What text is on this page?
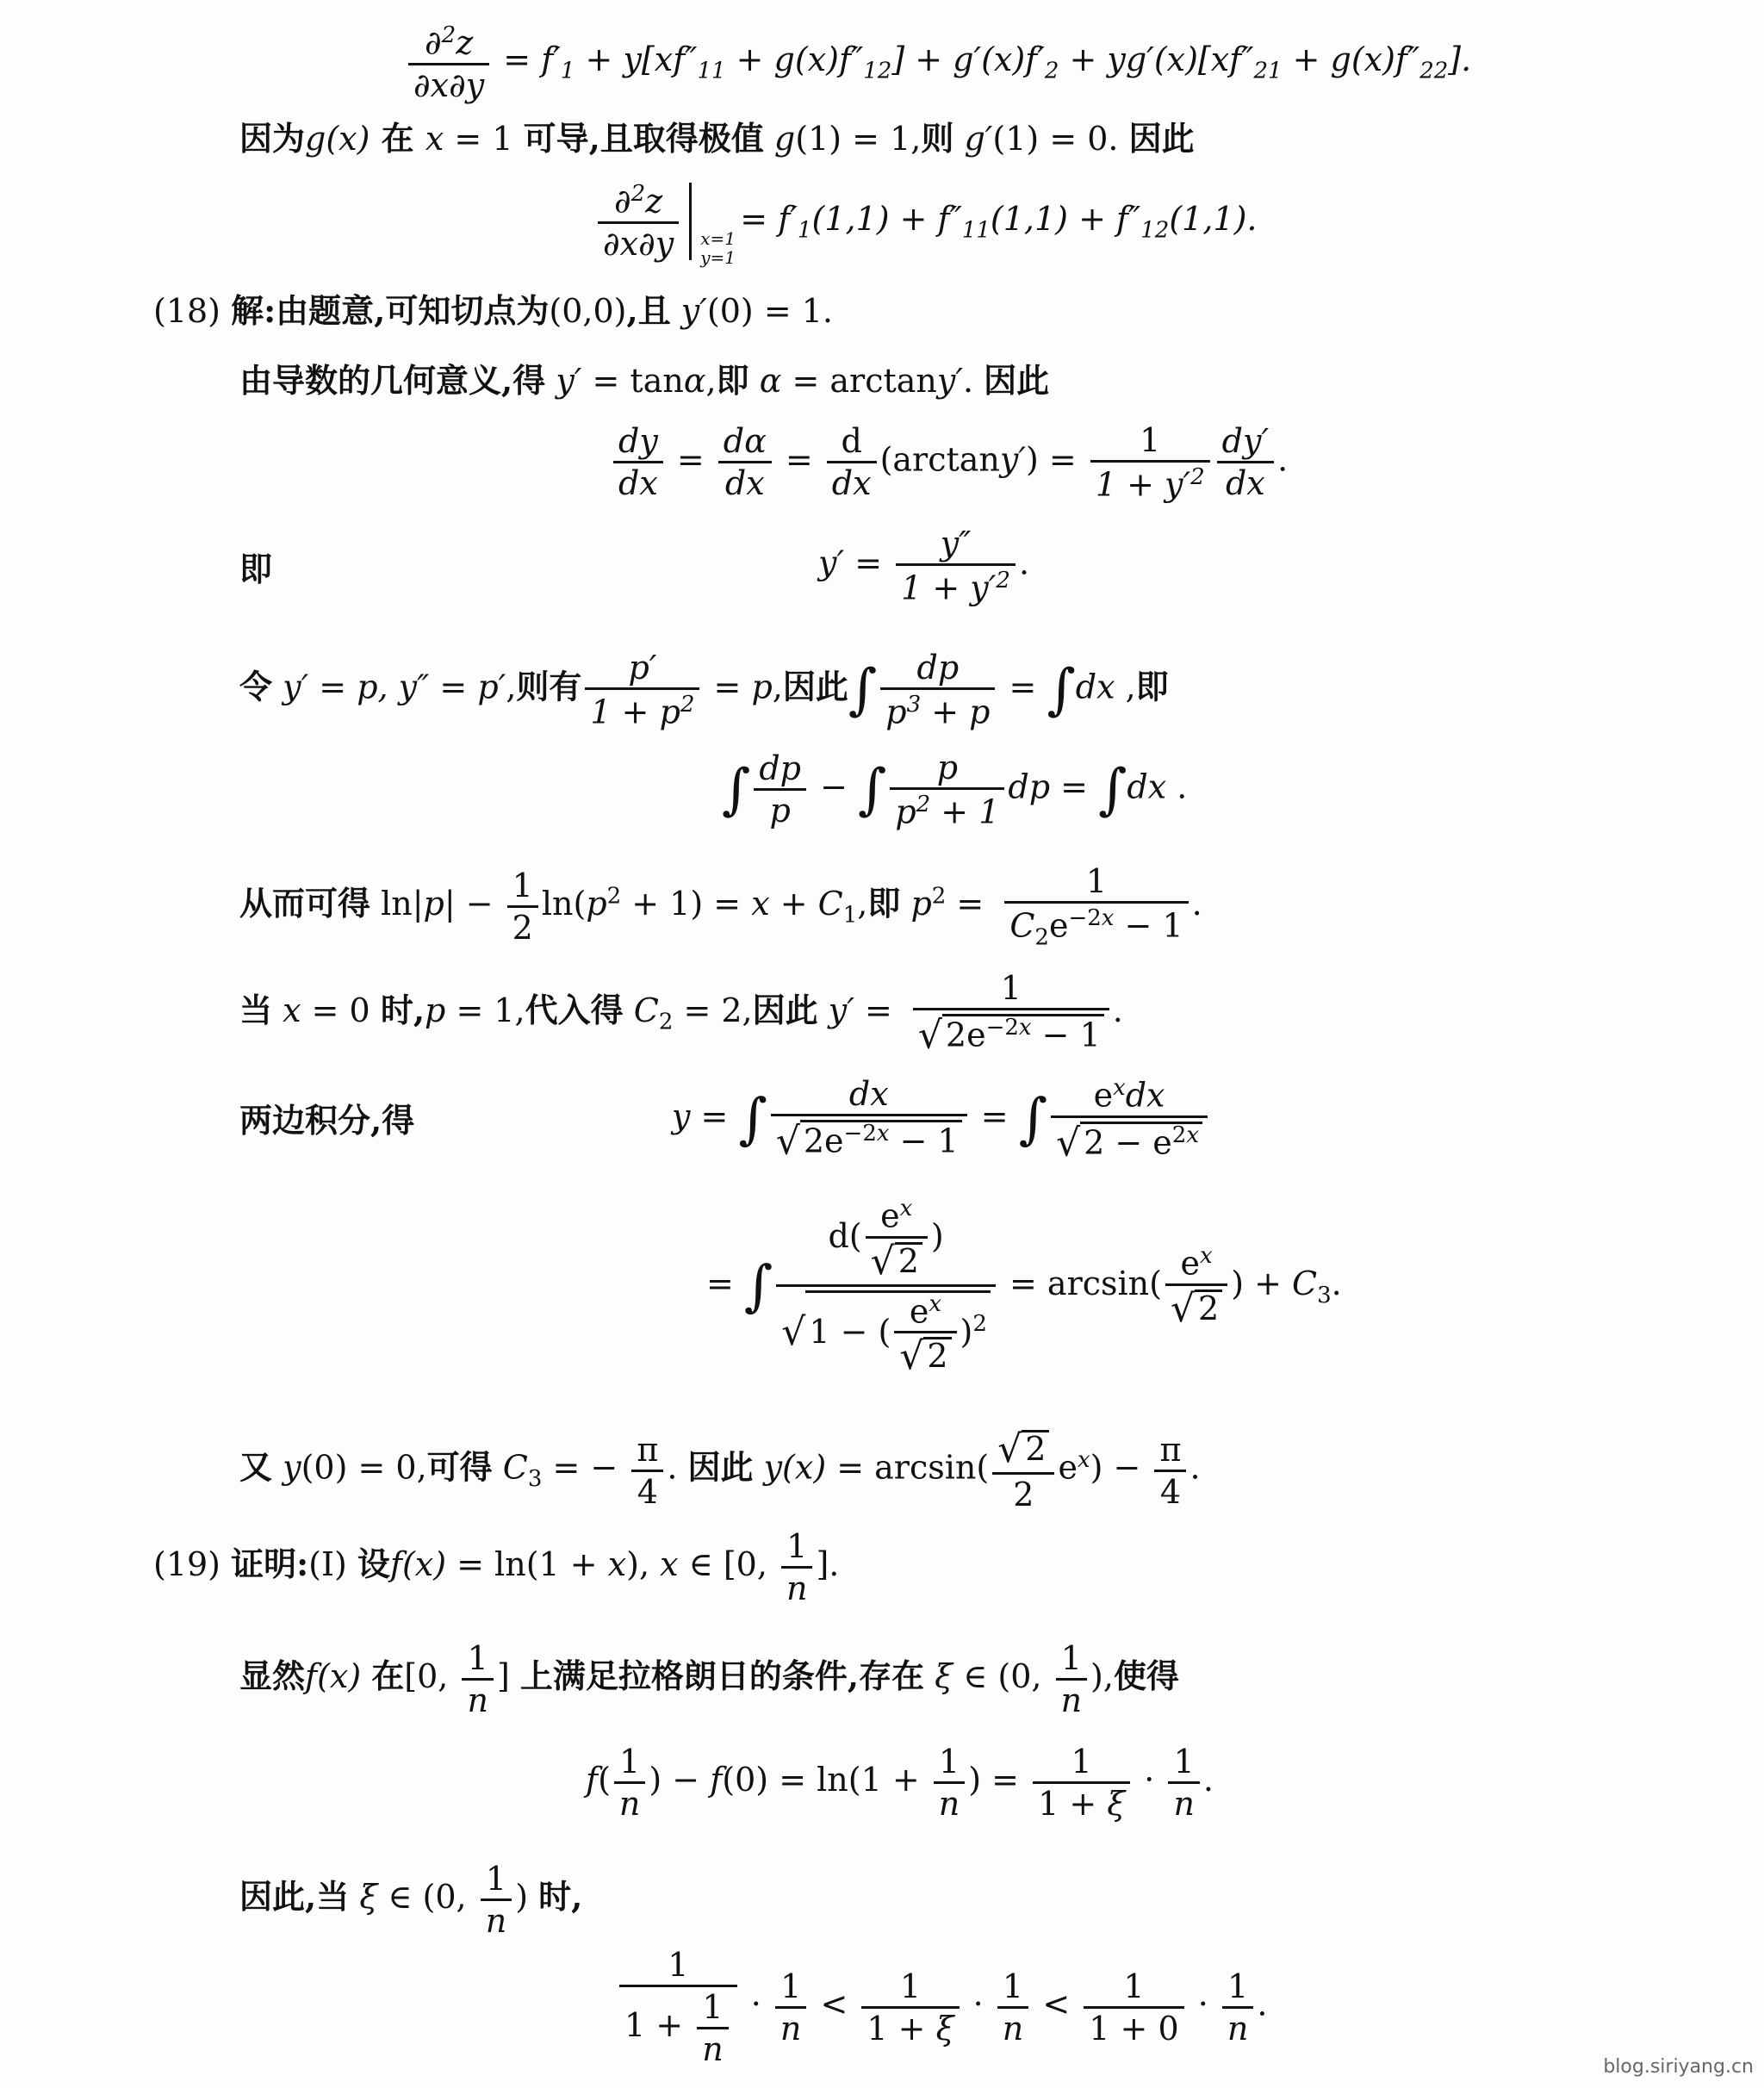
$\frac{\partial^2z}{\partial x\partial y} = f'_1 + y[xf''_{11} + g(x)f''_{12}] + g'(x)f'_2 + yg'(x)[xf''_{21} + g(x)f''_{22}]$.
因为g(x) 在 x = 1 可导,且取得极值 g(1) = 1,则 g′(1) = 0. 因此
$\frac{\partial^2z}{\partial x\partial y} x=1$
y=1
= $f'_1(1,1) + f''_{11}(1,1) + f''_{12}(1,1)$.
(18) 解:由题意,可知切点为(0,0),且 y′(0) = 1.
由导数的几何意义,得 y′ = tanα,即 α = arctany′. 因此
$\frac{dy}{dx} = \frac{d\alpha}{dx} = \frac{d}{dx} (\arctan y') = \frac{1}{1 + y'^2} \frac{dy'}{dx}$ .
即	$y' = \frac{y''}{1 + y'^2}$ .
令 y′ = p, y″ = p′,则有 $\frac{p'}{1 + p^2} = p$,因此∫ $\frac{dp}{p^3 + p} = \int dx$ ,即
∫ $\frac{dp}{p}$ − ∫ $\frac{p}{p^2 + 1}$ dp = ∫dx .
从而可得 $\ln|p| - \frac{1}{2} \ln(p^2 + 1) = x + C_1$,即 $p^2 = \frac{1}{C_2e^{-2x} - 1}$ .
当 x = 0 时,p = 1,代入得 $C_2 = 2$,因此 $y' = \frac{1}{√ 2e^{-2x} - 1}$ .
两边积分,得	y = ∫ $\frac{dx}{√ 2e^{-2x} - 1}$ = ∫ $\frac{e^xdx}{√ 2 - e^{2x}}$
= ∫ $\frac{d( \frac{e^x}{√ 2} )}{√ 1 - ( \frac{e^x}{√ 2} )^2} = \arcsin( \frac{e^x}{√ 2}$ ) + $C_3$.
又 y(0) = 0,可得 $C_3$ = − $\frac{\pi}{4}$ . 因此 $y(x) = \arcsin( \frac{√ 2}{2} e^x) - \frac{\pi}{4}$ .
(19) 证明:(Ⅰ) 设f(x) = ln(1 + x), x ∈ [0, $\frac{1}{n}$ ].
显然f(x) 在[0, $\frac{1}{n}$ ] 上满足拉格朗日的条件,存在 ξ ∈ (0, $\frac{1}{n}$ ),使得
$f( \frac{1}{n}$ ) − $f(0) = \ln(1 + \frac{1}{n}$ ) = $\frac{1}{1 + \xi} \cdot \frac{1}{n}$ .
因此,当 ξ ∈ (0, $\frac{1}{n}$ ) 时,
$\frac{1}{1 + \frac{1}{n}} \cdot \frac{1}{n} < \frac{1}{1 + \xi} \cdot \frac{1}{n} < \frac{1}{1 + 0} \cdot \frac{1}{n}$ .
blog.siriyang.cn
